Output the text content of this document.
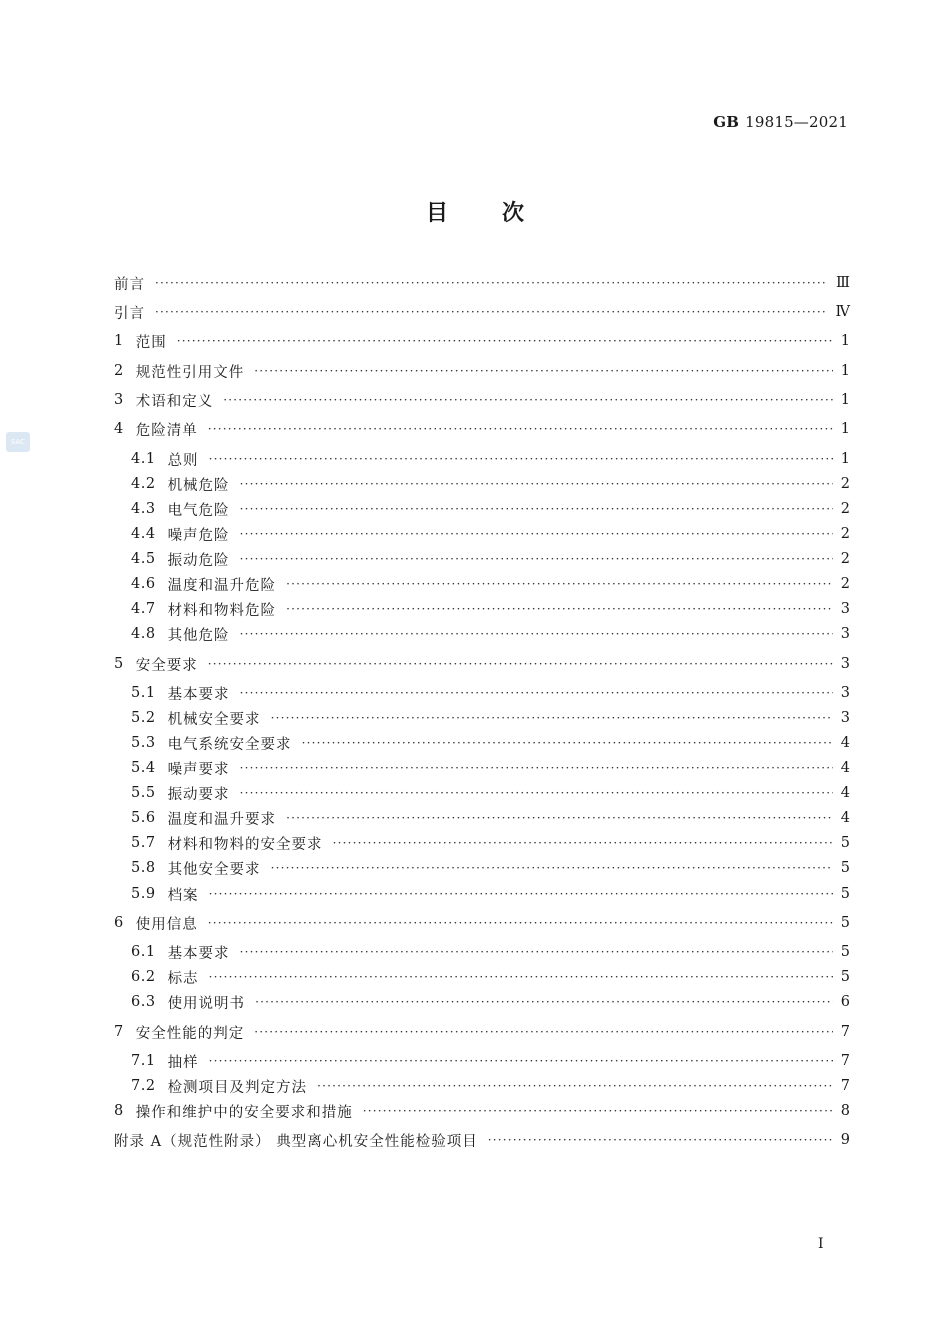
GB 19815—2021
SAC
目次
前言 ·····	Ⅲ
引言 ·····	Ⅳ
1 范围 ·····	1
2 规范性引用文件 ·····	1
3 术语和定义 ·····	1
4 危险清单 ·····	1
4.1 总则 ·····	1
4.2 机械危险 ·····	2
4.3 电气危险 ·····	2
4.4 噪声危险 ·····	2
4.5 振动危险 ·····	2
4.6 温度和温升危险 ·····	2
4.7 材料和物料危险 ·····	3
4.8 其他危险 ·····	3
5 安全要求 ·····	3
5.1 基本要求 ·····	3
5.2 机械安全要求 ·····	3
5.3 电气系统安全要求 ·····	4
5.4 噪声要求 ·····	4
5.5 振动要求 ·····	4
5.6 温度和温升要求 ·····	4
5.7 材料和物料的安全要求 ·····	5
5.8 其他安全要求 ·····	5
5.9 档案 ·····	5
6 使用信息 ·····	5
6.1 基本要求 ·····	5
6.2 标志 ·····	5
6.3 使用说明书 ·····	6
7 安全性能的判定 ·····	7
7.1 抽样 ·····	7
7.2 检测项目及判定方法 ·····	7
8 操作和维护中的安全要求和措施 ·····	8
附录 A（规范性附录） 典型离心机安全性能检验项目 ·····	9
I
